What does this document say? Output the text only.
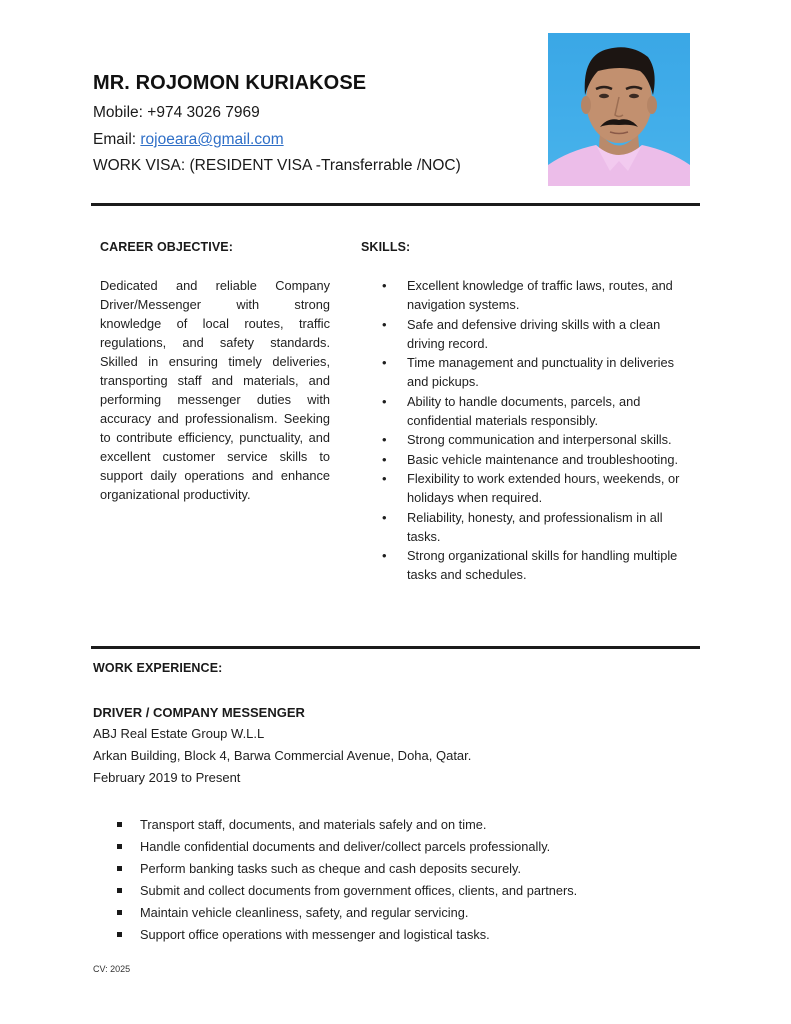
MR. ROJOMON KURIAKOSE
Mobile: +974 3026 7969
Email: rojoeara@gmail.com
WORK VISA: (RESIDENT VISA -Transferrable /NOC)
CAREER OBJECTIVE:
Dedicated and reliable Company Driver/Messenger with strong knowledge of local routes, traffic regulations, and safety standards. Skilled in ensuring timely deliveries, transporting staff and materials, and performing messenger duties with accuracy and professionalism. Seeking to contribute efficiency, punctuality, and excellent customer service skills to support daily operations and enhance organizational productivity.
SKILLS:
• Excellent knowledge of traffic laws, routes, and navigation systems.
• Safe and defensive driving skills with a clean driving record.
• Time management and punctuality in deliveries and pickups.
• Ability to handle documents, parcels, and confidential materials responsibly.
• Strong communication and interpersonal skills.
• Basic vehicle maintenance and troubleshooting.
• Flexibility to work extended hours, weekends, or holidays when required.
• Reliability, honesty, and professionalism in all tasks.
• Strong organizational skills for handling multiple tasks and schedules.
WORK EXPERIENCE:
DRIVER / COMPANY MESSENGER
ABJ Real Estate Group W.L.L
Arkan Building, Block 4, Barwa Commercial Avenue, Doha, Qatar.
February 2019 to Present
Transport staff, documents, and materials safely and on time.
Handle confidential documents and deliver/collect parcels professionally.
Perform banking tasks such as cheque and cash deposits securely.
Submit and collect documents from government offices, clients, and partners.
Maintain vehicle cleanliness, safety, and regular servicing.
Support office operations with messenger and logistical tasks.
CV: 2025
